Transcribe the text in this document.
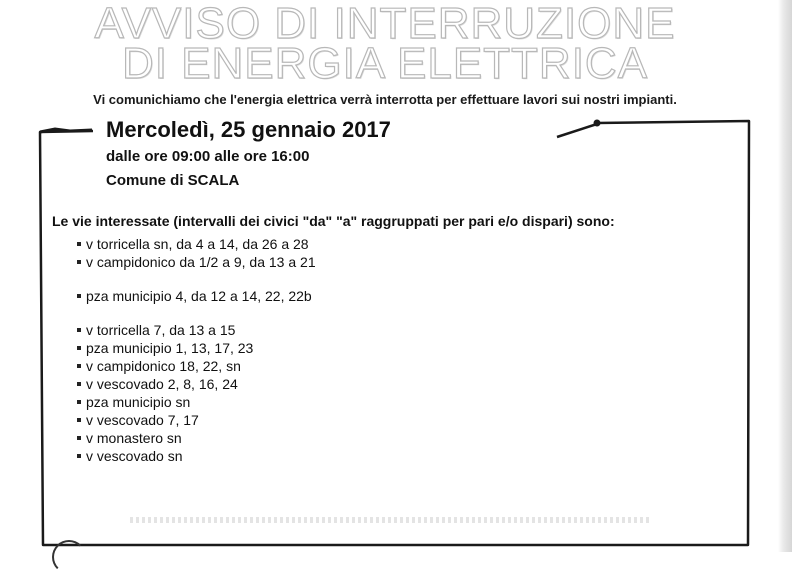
AVVISO DI INTERRUZIONE
DI ENERGIA ELETTRICA
Vi comunichiamo che l'energia elettrica verrà interrotta per effettuare lavori sui nostri impianti.
Mercoledì, 25 gennaio 2017
dalle ore 09:00 alle ore 16:00
Comune di SCALA
Le vie interessate (intervalli dei civici "da" "a" raggruppati per pari e/o dispari) sono:
v torricella sn, da 4 a 14, da 26 a 28
v campidonico da 1/2 a 9, da 13 a 21
pza municipio 4, da 12 a 14, 22, 22b
v torricella 7, da 13 a 15
pza municipio 1, 13, 17, 23
v campidonico 18, 22, sn
v vescovado 2, 8, 16, 24
pza municipio sn
v vescovado 7, 17
v monastero sn
v vescovado sn
